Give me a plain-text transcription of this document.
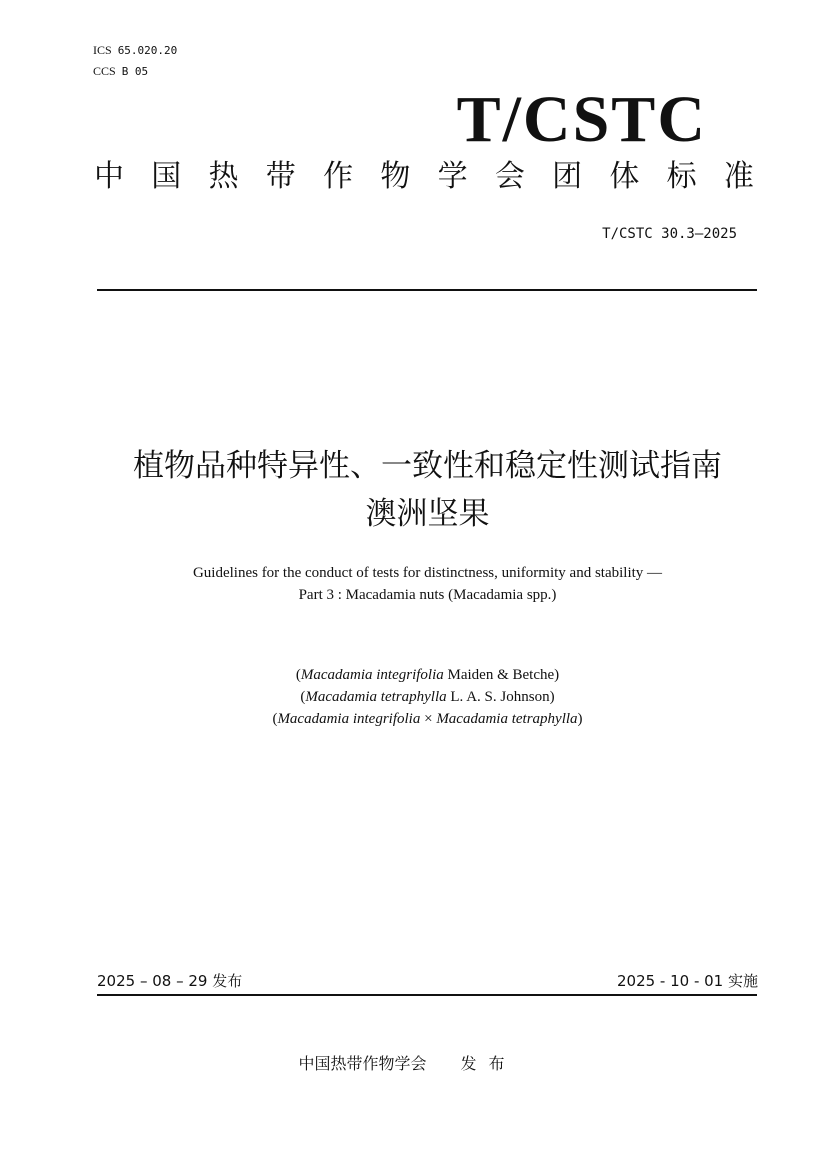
ICS 65.020.20
CCS B 05
T/CSTC
中 国 热 带 作 物 学 会 团 体 标 准
T/CSTC 30.3—2025
植物品种特异性、一致性和稳定性测试指南
澳洲坚果
Guidelines for the conduct of tests for distinctness, uniformity and stability —
Part 3 : Macadamia nuts (Macadamia spp.)
(Macadamia integrifolia Maiden & Betche)
(Macadamia tetraphylla L. A. S. Johnson)
(Macadamia integrifolia × Macadamia tetraphylla)
2025 – 08 – 29 发布	2025 - 10 - 01 实施
中国热带作物学会 发布
